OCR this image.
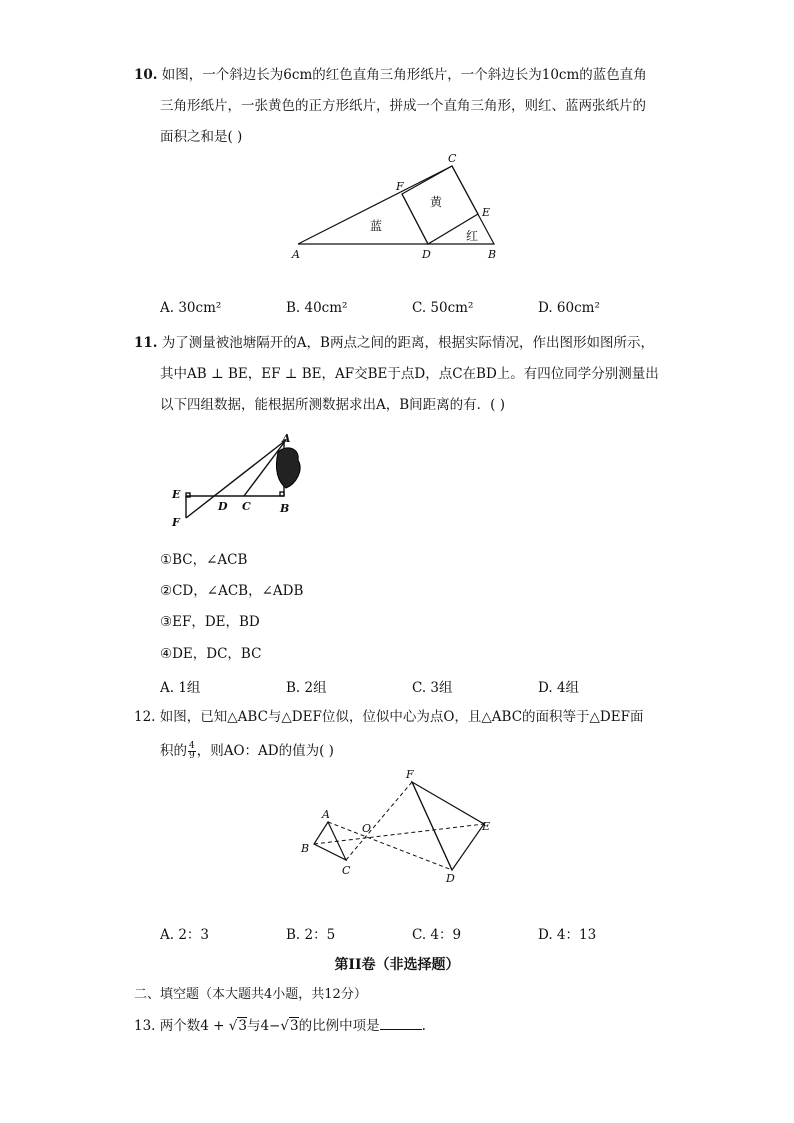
10. 如图，一个斜边长为6cm的红色直角三角形纸片，一个斜边长为10cm的蓝色直角
三角形纸片，一张黄色的正方形纸片，拼成一个直角三角形，则红、蓝两张纸片的
面积之和是( )
A	B
C
D
E
F
黄
蓝
红
A. 30cm²	B. 40cm²	C. 50cm²	D. 60cm²
11. 为了测量被池塘隔开的A，B两点之间的距离，根据实际情况，作出图形如图所示，
其中AB ⊥ BE，EF ⊥ BE，AF交BE于点D，点C在BD上。有四位同学分别测量出
以下四组数据，能根据所测数据求出A，B间距离的有．( )
A
B
C
D
E
F
①BC，∠ACB
②CD，∠ACB，∠ADB
③EF，DE，BD
④DE，DC，BC
A. 1组	B. 2组	C. 3组	D. 4组
12. 如图，已知△ABC与△DEF位似，位似中心为点O，且△ABC的面积等于△DEF面
积的 $\frac{4}{9}$ ，则AO：AD的值为( )
A
B
C
D
E
F
O
A. 2：3	B. 2：5	C. 4：9	D. 4：13
第II卷（非选择题）
二、填空题（本大题共4小题，共12分）
13. 两个数4 + √3与4−√3的比例中项是	.
